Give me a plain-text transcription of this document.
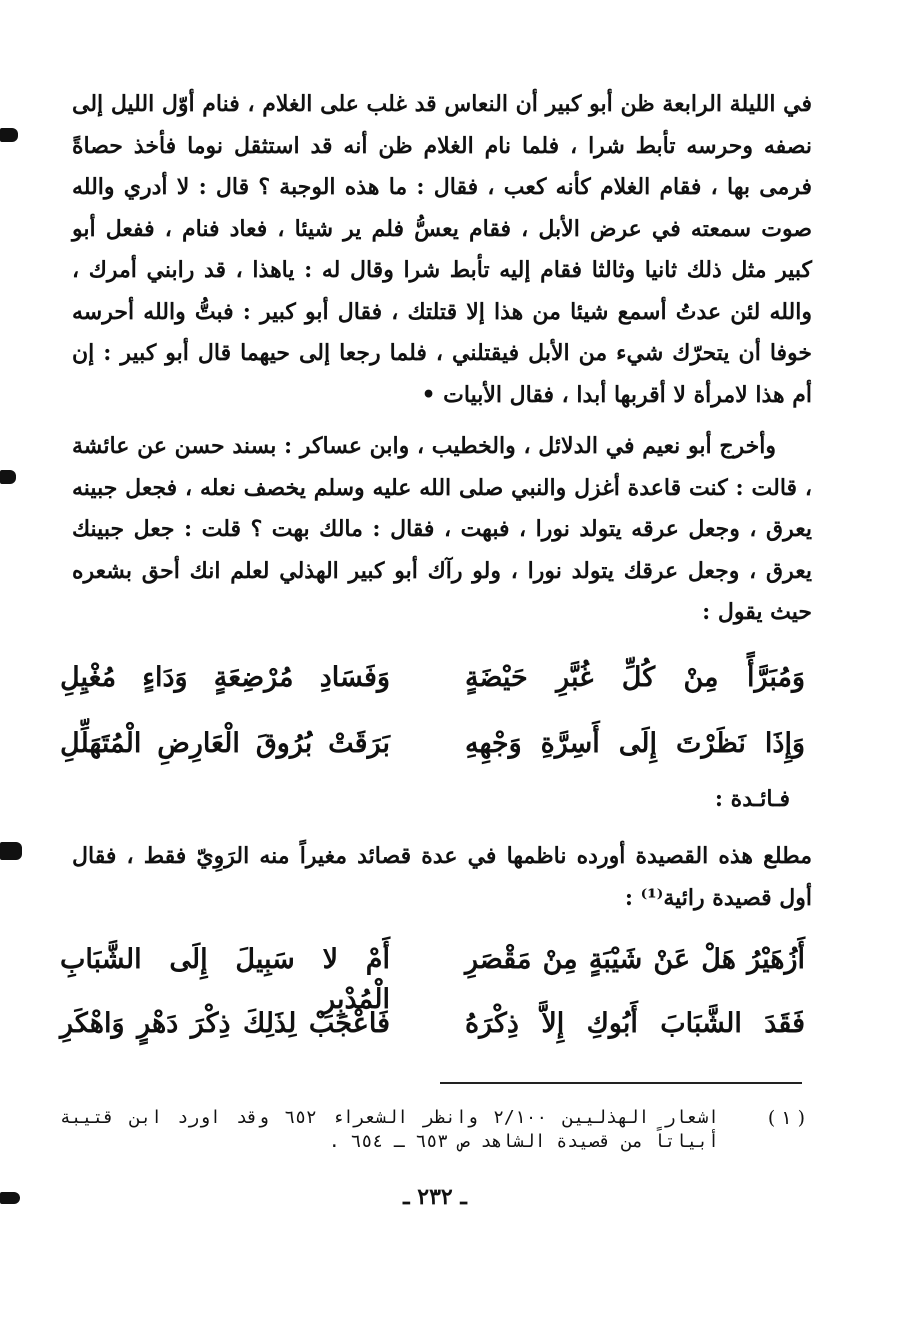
في الليلة الرابعة ظن أبو كبير أن النعاس قد غلب على الغلام ، فنام أوّل الليل إلى نصفه وحرسه تأبط شرا ، فلما نام الغلام ظن أنه قد استثقل نوما فأخذ حصاةً فرمى بها ، فقام الغلام كأنه كعب ، فقال : ما هذه الوجبة ؟ قال : لا أدري والله صوت سمعته في عرض الأبل ، فقام يعسُّ فلم ير شيئا ، فعاد فنام ، ففعل أبو كبير مثل ذلك ثانيا وثالثا فقام إليه تأبط شرا وقال له : ياهذا ، قد رابني أمرك ، والله لئن عدتُ أسمع شيئا من هذا إلا قتلتك ، فقال أبو كبير : فبتُّ والله أحرسه خوفا أن يتحرّك شيء من الأبل فيقتلني ، فلما رجعا إلى حيهما قال أبو كبير : إن أم هذا لامرأة لا أقربها أبدا ، فقال الأبيات •

وأخرج أبو نعيم في الدلائل ، والخطيب ، وابن عساكر : بسند حسن عن عائشة ، قالت : كنت قاعدة أغزل والنبي صلى الله عليه وسلم يخصف نعله ، فجعل جبينه يعرق ، وجعل عرقه يتولد نورا ، فبهت ، فقال : مالك بهت ؟ قلت : جعل جبينك يعرق ، وجعل عرقك يتولد نورا ، ولو رآك أبو كبير الهذلي لعلم انك أحق بشعره حيث يقول :

وَمُبَرَّأً مِنْ كُلِّ غُبَّرِ حَيْضَةٍ
وَفَسَادِ مُرْضِعَةٍ وَدَاءٍ مُغْيِلِ
وَإِذَا نَظَرْتَ إِلَى أَسِرَّةِ وَجْهِهِ
بَرَقَتْ بُرُوقَ الْعَارِضِ الْمُتَهَلِّلِ
فـائـدة :

مطلع هذه القصيدة أورده ناظمها في عدة قصائد مغيراً منه الرَوِيّ فقط ، فقال أول قصيدة رائية⁽¹⁾ :

أَزُهَيْرُ هَلْ عَنْ شَيْبَةٍ مِنْ مَقْصَرِ
أَمْ لا سَبِيلَ إِلَى الشَّبَابِ الْمُدْبِرِ
فَقَدَ الشَّبَابَ أَبُوكِ إِلاَّ ذِكْرَهُ
فَاعْجَبْ لِذَلِكَ ذِكْرَ دَهْرٍ وَاهْكَرِ
( ١ )
اشعار الهذليين ٢/١٠٠ وانظر الشعراء ٦٥٢ وقد اورد ابن قتيبة أبياتاً من قصيدة الشاهد ص ٦٥٣ ـ ٦٥٤ .
ـ ٢٣٢ ـ
